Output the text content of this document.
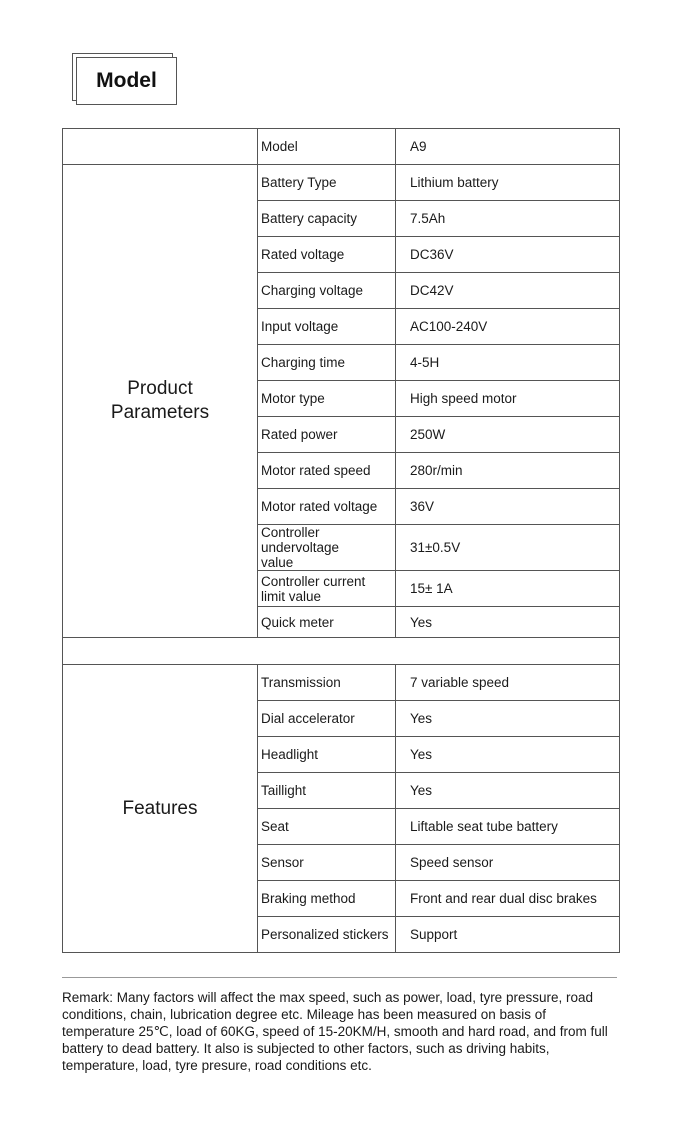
Model
	Model	A9
Product Parameters	Battery Type	Lithium battery
	Battery capacity	7.5Ah
	Rated voltage	DC36V
	Charging voltage	DC42V
	Input voltage	AC100-240V
	Charging time	4-5H
	Motor type	High speed motor
	Rated power	250W
	Motor rated speed	280r/min
	Motor rated voltage	36V
	Controller undervoltage value	31±0.5V
	Controller current limit value	15± 1A
	Quick meter	Yes

Features	Transmission	7 variable speed
	Dial accelerator	Yes
	Headlight	Yes
	Taillight	Yes
	Seat	Liftable seat tube battery
	Sensor	Speed sensor
	Braking method	Front and rear dual disc brakes
	Personalized stickers	Support
Remark: Many factors will affect the max speed, such as power, load, tyre pressure, road conditions, chain, lubrication degree etc. Mileage has been measured on basis of temperature 25℃, load of 60KG, speed of 15-20KM/H, smooth and hard road, and from full battery to dead battery. It also is subjected to other factors, such as driving habits, temperature, load, tyre presure, road conditions etc.
